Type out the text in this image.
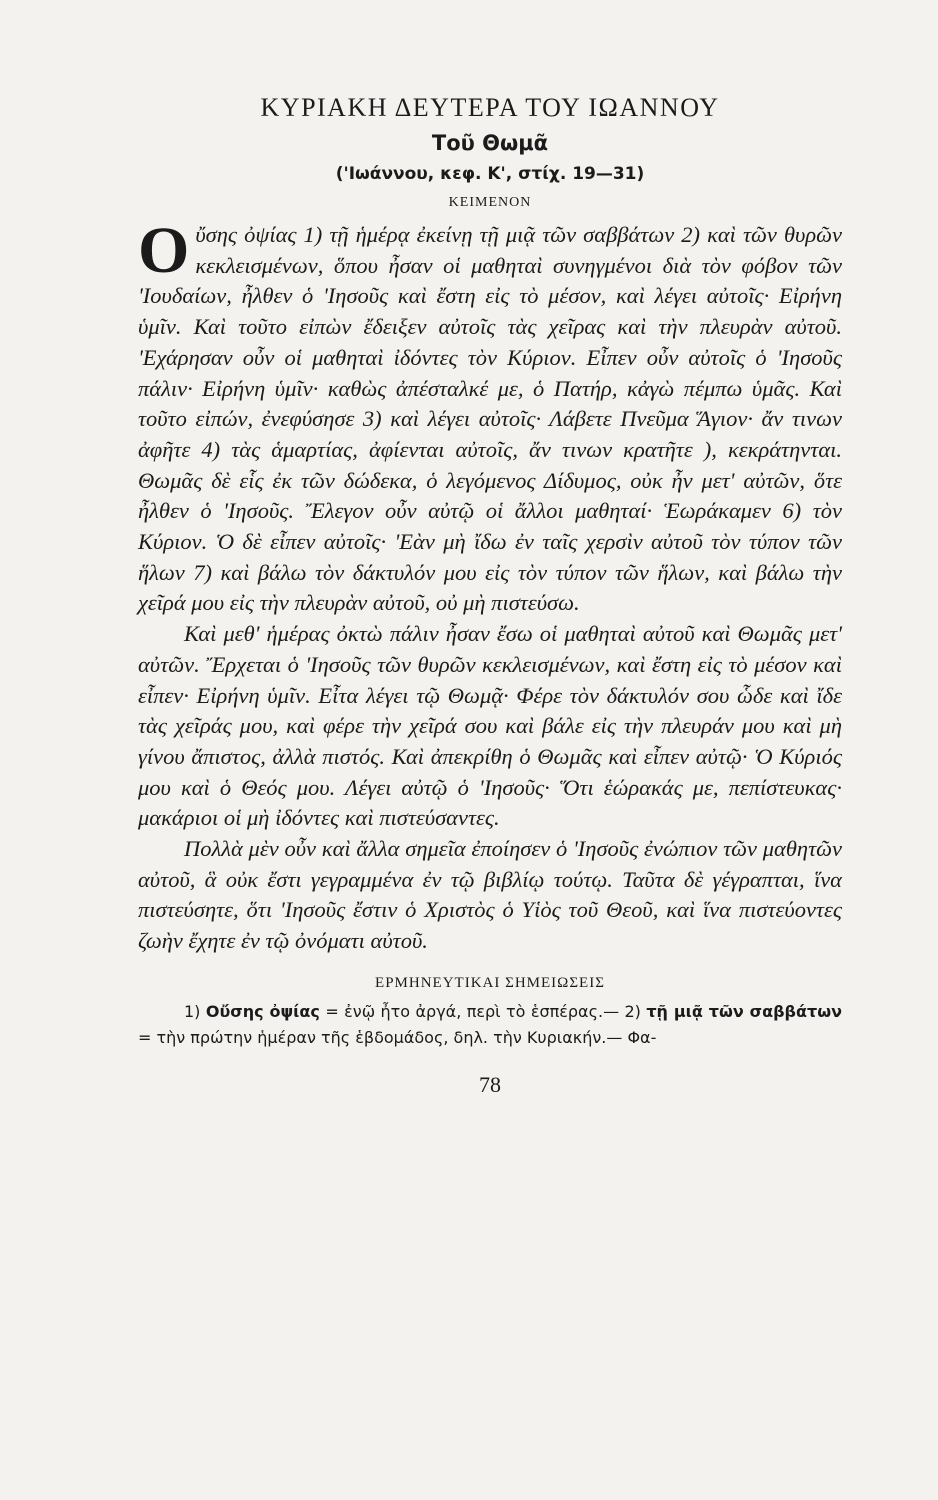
ΚΥΡΙΑΚΗ ΔΕΥΤΕΡΑ ΤΟΥ ΙΩΑΝΝΟΥ
Τοῦ Θωμᾶ
('Ιωάννου, κεφ. Κ', στίχ. 19—31)
ΚΕΙΜΕΝΟΝ

Οὔσης ὀψίας 1) τῇ ἡμέρᾳ ἐκείνῃ τῇ μιᾷ τῶν σαββάτων 2) καὶ τῶν θυρῶν κεκλεισμένων, ὅπου ἦσαν οἱ μαθηταὶ συνηγμένοι διὰ τὸν φόβον τῶν 'Ιουδαίων, ἦλθεν ὁ 'Ιησοῦς καὶ ἔστη εἰς τὸ μέσον, καὶ λέγει αὐτοῖς· Εἰρήνη ὑμῖν. Καὶ τοῦτο εἰπὼν ἔδειξεν αὐτοῖς τὰς χεῖρας καὶ τὴν πλευρὰν αὐτοῦ. 'Εχάρησαν οὖν οἱ μαθηταὶ ἰδόντες τὸν Κύριον. Εἶπεν οὖν αὐτοῖς ὁ 'Ιησοῦς πάλιν· Εἰρήνη ὑμῖν· καθὼς ἀπέσταλκέ με, ὁ Πατήρ, κἀγὼ πέμπω ὑμᾶς. Καὶ τοῦτο εἰπών, ἐνεφύσησε 3) καὶ λέγει αὐτοῖς· Λάβετε Πνεῦμα Ἅγιον· ἄν τινων ἀφῆτε 4) τὰς ἁμαρτίας, ἀφίενται αὐτοῖς, ἄν τινων κρατῆτε ), κεκράτηνται. Θωμᾶς δὲ εἷς ἐκ τῶν δώδεκα, ὁ λεγόμενος Δίδυμος, οὐκ ἦν μετ' αὐτῶν, ὅτε ἦλθεν ὁ 'Ιησοῦς. Ἔλεγον οὖν αὐτῷ οἱ ἄλλοι μαθηταί· Ἑωράκαμεν 6) τὸν Κύριον. Ὁ δὲ εἶπεν αὐτοῖς· 'Εὰν μὴ ἴδω ἐν ταῖς χερσὶν αὐτοῦ τὸν τύπον τῶν ἥλων 7) καὶ βάλω τὸν δάκτυλόν μου εἰς τὸν τύπον τῶν ἥλων, καὶ βάλω τὴν χεῖρά μου εἰς τὴν πλευρὰν αὐτοῦ, οὐ μὴ πιστεύσω.

Καὶ μεθ' ἡμέρας ὀκτὼ πάλιν ἦσαν ἔσω οἱ μαθηταὶ αὐτοῦ καὶ Θωμᾶς μετ' αὐτῶν. Ἔρχεται ὁ 'Ιησοῦς τῶν θυρῶν κεκλεισμένων, καὶ ἔστη εἰς τὸ μέσον καὶ εἶπεν· Εἰρήνη ὑμῖν. Εἶτα λέγει τῷ Θωμᾷ· Φέρε τὸν δάκτυλόν σου ὧδε καὶ ἴδε τὰς χεῖράς μου, καὶ φέρε τὴν χεῖρά σου καὶ βάλε εἰς τὴν πλευράν μου καὶ μὴ γίνου ἄπιστος, ἀλλὰ πιστός. Καὶ ἀπεκρίθη ὁ Θωμᾶς καὶ εἶπεν αὐτῷ· Ὁ Κύριός μου καὶ ὁ Θεός μου. Λέγει αὐτῷ ὁ 'Ιησοῦς· Ὅτι ἑώρακάς με, πεπίστευκας· μακάριοι οἱ μὴ ἰδόντες καὶ πιστεύσαντες.

Πολλὰ μὲν οὖν καὶ ἄλλα σημεῖα ἐποίησεν ὁ 'Ιησοῦς ἐνώπιον τῶν μαθητῶν αὐτοῦ, ἃ οὐκ ἔστι γεγραμμένα ἐν τῷ βιβλίῳ τούτῳ. Ταῦτα δὲ γέγραπται, ἵνα πιστεύσητε, ὅτι 'Ιησοῦς ἔστιν ὁ Χριστὸς ὁ Υἱὸς τοῦ Θεοῦ, καὶ ἵνα πιστεύοντες ζωὴν ἔχητε ἐν τῷ ὀνόματι αὐτοῦ.

ΕΡΜΗΝΕΥΤΙΚΑΙ ΣΗΜΕΙΩΣΕΙΣ

1) Οὔσης ὀψίας = ἐνῷ ἦτο ἀργά, περὶ τὸ ἑσπέρας.— 2) τῇ μιᾷ τῶν σαββάτων = τὴν πρώτην ἡμέραν τῆς ἑβδομάδος, δηλ. τὴν Κυριακήν.— Φα-

78
